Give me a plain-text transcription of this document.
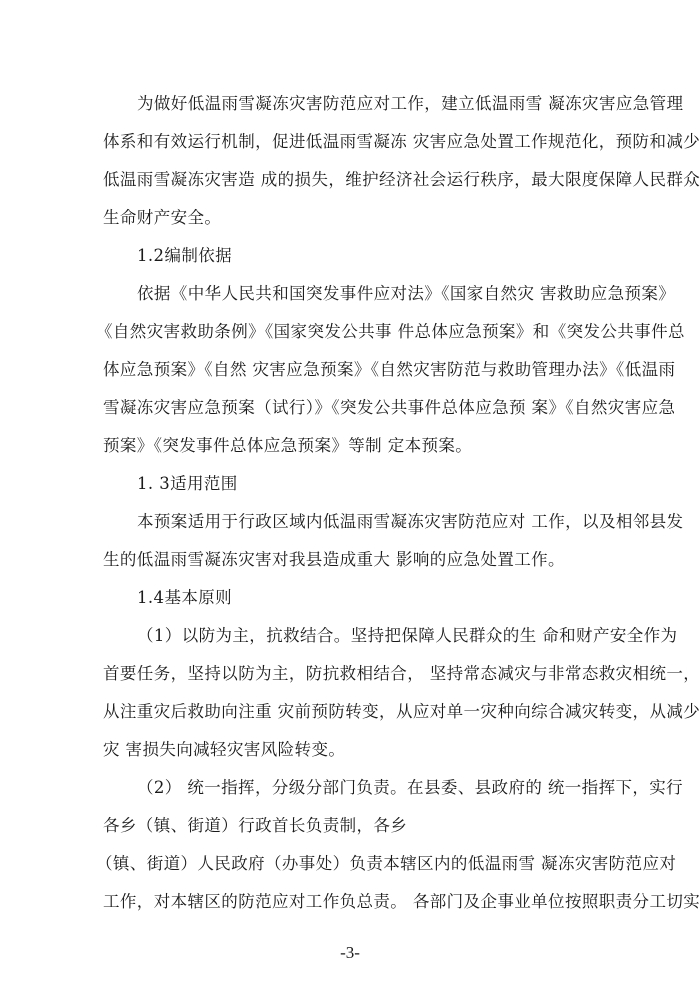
为做好低温雨雪凝冻灾害防范应对工作，建立低温雨雪 凝冻灾害应急管理
体系和有效运行机制，促进低温雨雪凝冻 灾害应急处置工作规范化，预防和减少
低温雨雪凝冻灾害造 成的损失，维护经济社会运行秩序，最大限度保障人民群众
生命财产安全。
1.2编制依据
依据《中华人民共和国突发事件应对法》《国家自然灾 害救助应急预案》
《自然灾害救助条例》《国家突发公共事 件总体应急预案》和《突发公共事件总
体应急预案》《自然 灾害应急预案》《自然灾害防范与救助管理办法》《低温雨
雪凝冻灾害应急预案（试行）》《突发公共事件总体应急预 案》《自然灾害应急
预案》《突发事件总体应急预案》等制 定本预案。
1. 3适用范围
本预案适用于行政区域内低温雨雪凝冻灾害防范应对 工作，以及相邻县发
生的低温雨雪凝冻灾害对我县造成重大 影响的应急处置工作。
1.4基本原则
（1）以防为主，抗救结合。坚持把保障人民群众的生 命和财产安全作为
首要任务，坚持以防为主，防抗救相结合， 坚持常态减灾与非常态救灾相统一，
从注重灾后救助向注重 灾前预防转变，从应对单一灾种向综合减灾转变，从减少
灾 害损失向减轻灾害风险转变。
（2） 统一指挥，分级分部门负责。在县委、县政府的 统一指挥下，实行
各乡（镇、街道）行政首长负责制，各乡
（镇、街道）人民政府（办事处）负责本辖区内的低温雨雪 凝冻灾害防范应对
工作，对本辖区的防范应对工作负总责。 各部门及企事业单位按照职责分工切实
-3-
